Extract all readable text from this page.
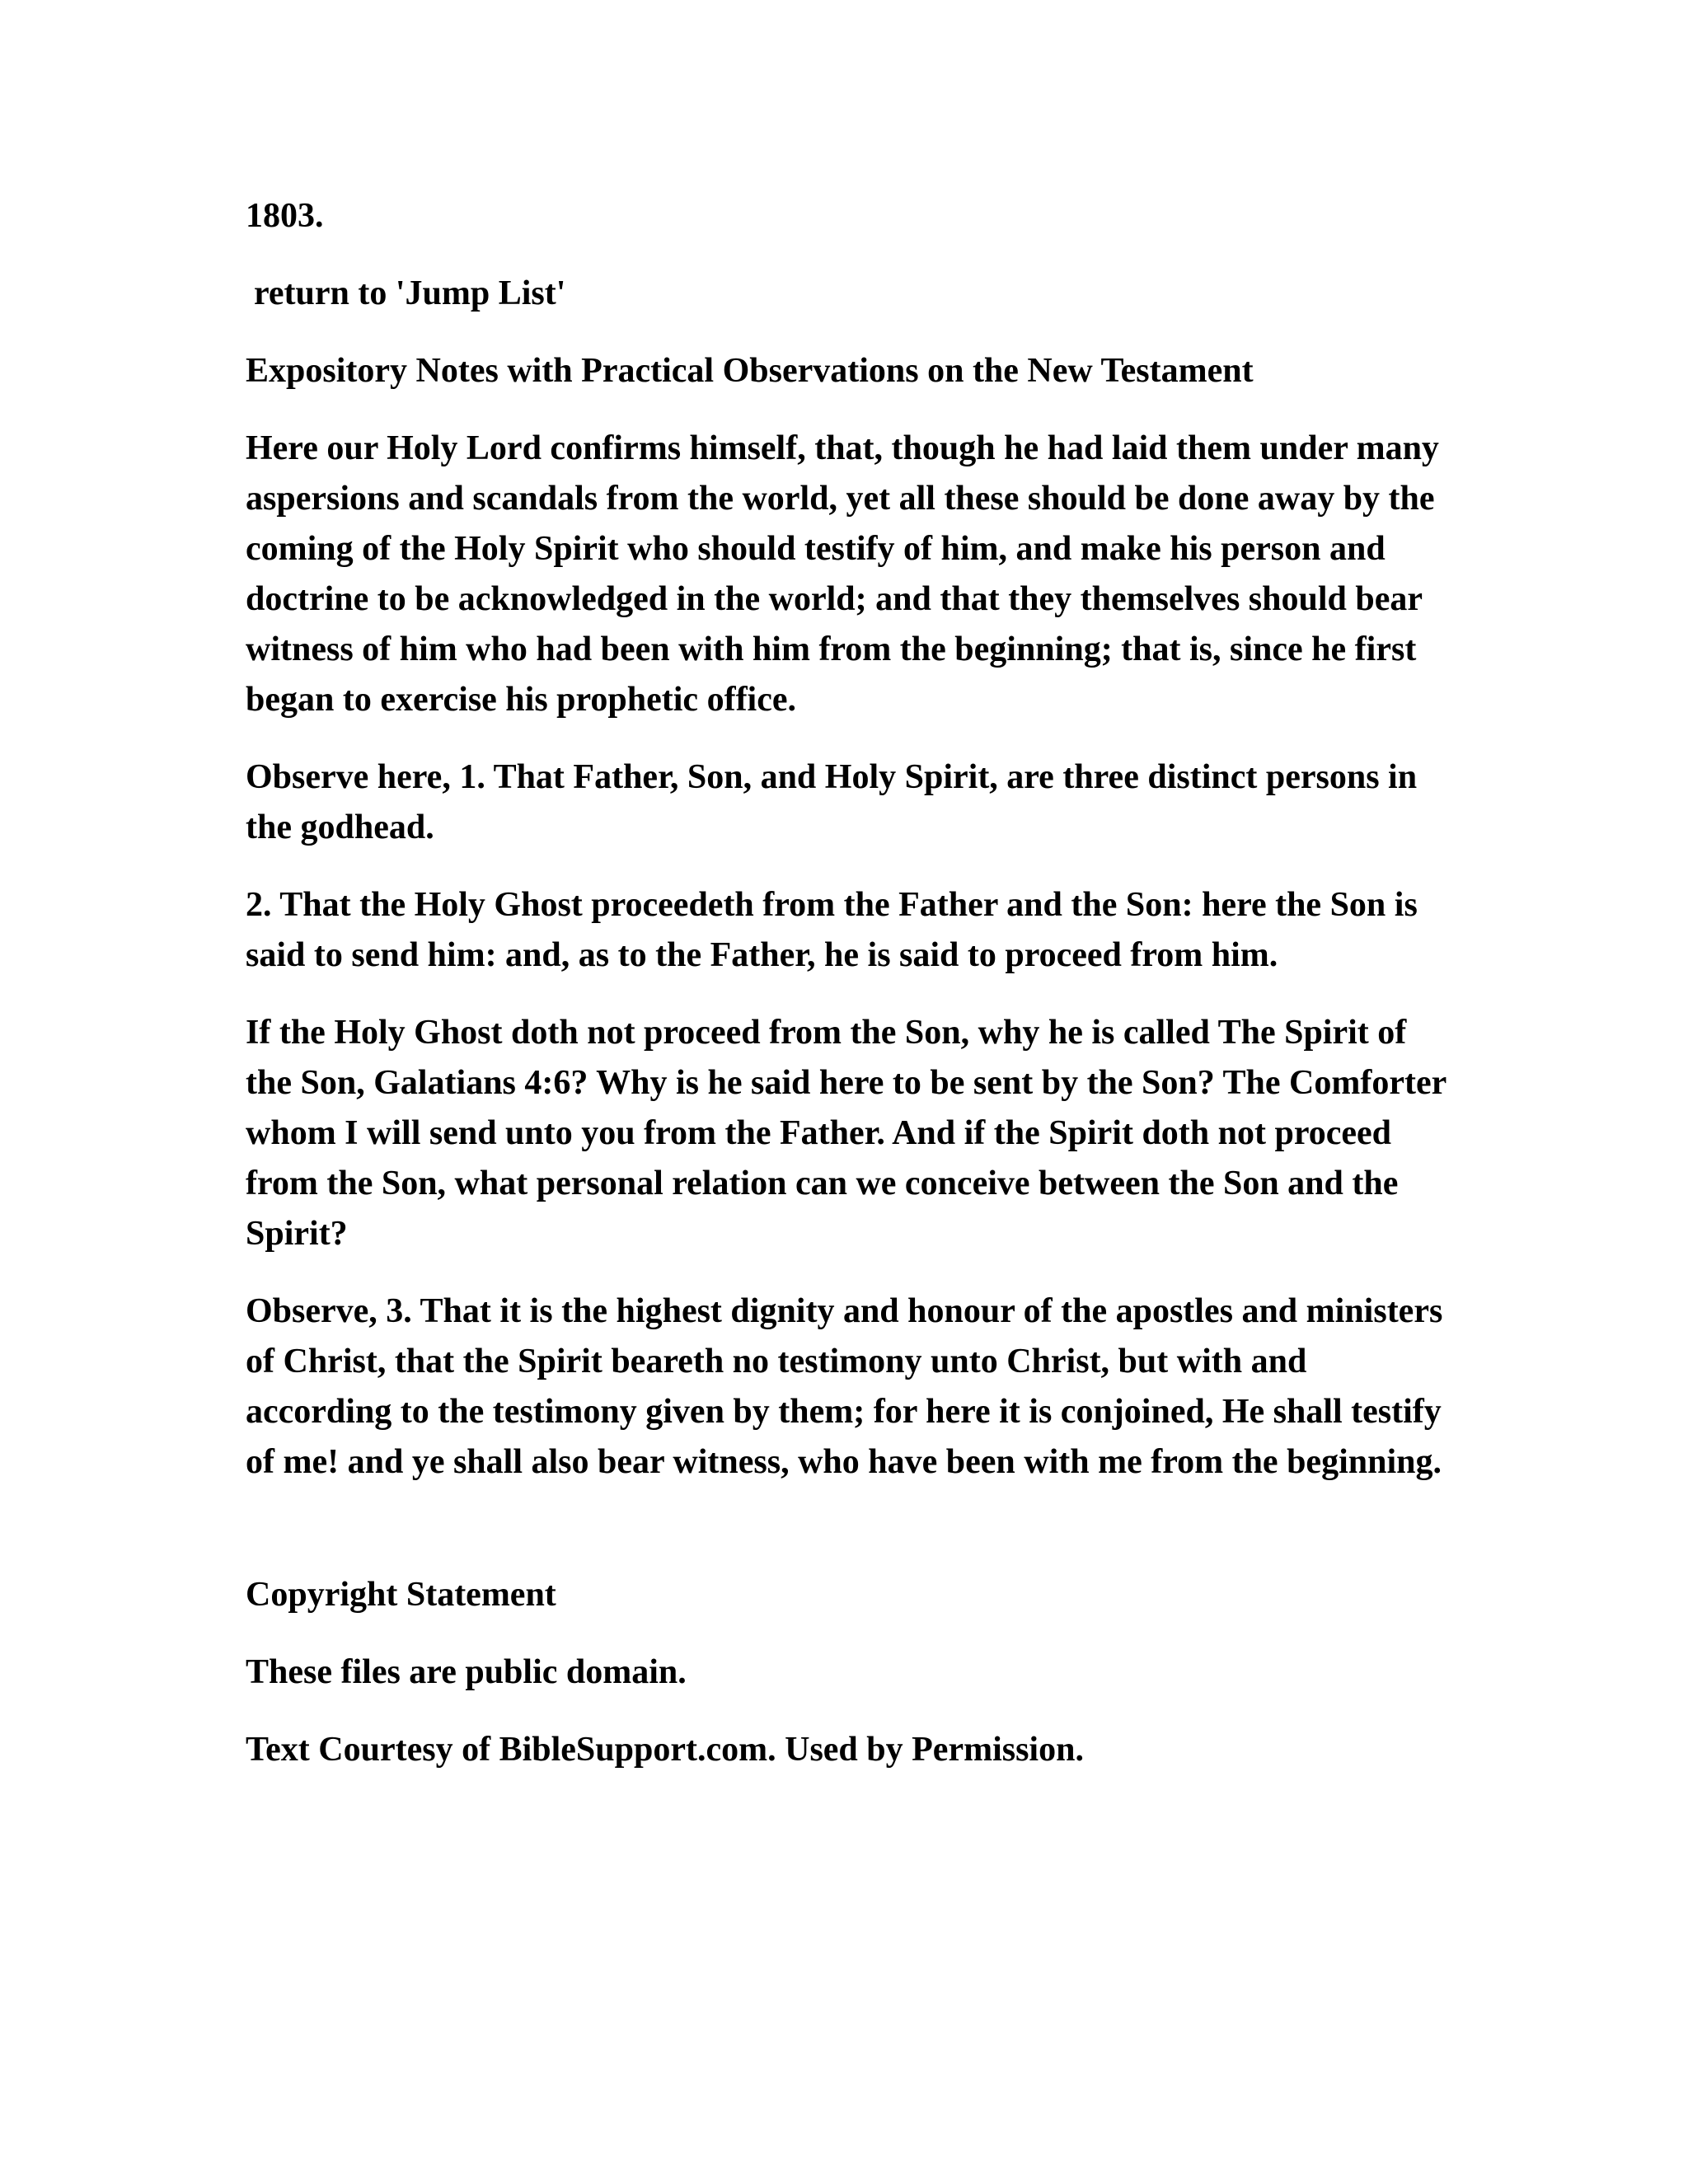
1803.

return to 'Jump List'

Expository Notes with Practical Observations on the New Testament

Here our Holy Lord confirms himself, that, though he had laid them under many aspersions and scandals from the world, yet all these should be done away by the coming of the Holy Spirit who should testify of him, and make his person and doctrine to be acknowledged in the world; and that they themselves should bear witness of him who had been with him from the beginning; that is, since he first began to exercise his prophetic office.

Observe here, 1. That Father, Son, and Holy Spirit, are three distinct persons in the godhead.

2. That the Holy Ghost proceedeth from the Father and the Son: here the Son is said to send him: and, as to the Father, he is said to proceed from him.

If the Holy Ghost doth not proceed from the Son, why he is called The Spirit of the Son, Galatians 4:6? Why is he said here to be sent by the Son? The Comforter whom I will send unto you from the Father. And if the Spirit doth not proceed from the Son, what personal relation can we conceive between the Son and the Spirit?

Observe, 3. That it is the highest dignity and honour of the apostles and ministers of Christ, that the Spirit beareth no testimony unto Christ, but with and according to the testimony given by them; for here it is conjoined, He shall testify of me! and ye shall also bear witness, who have been with me from the beginning.

Copyright Statement

These files are public domain.

Text Courtesy of BibleSupport.com. Used by Permission.
